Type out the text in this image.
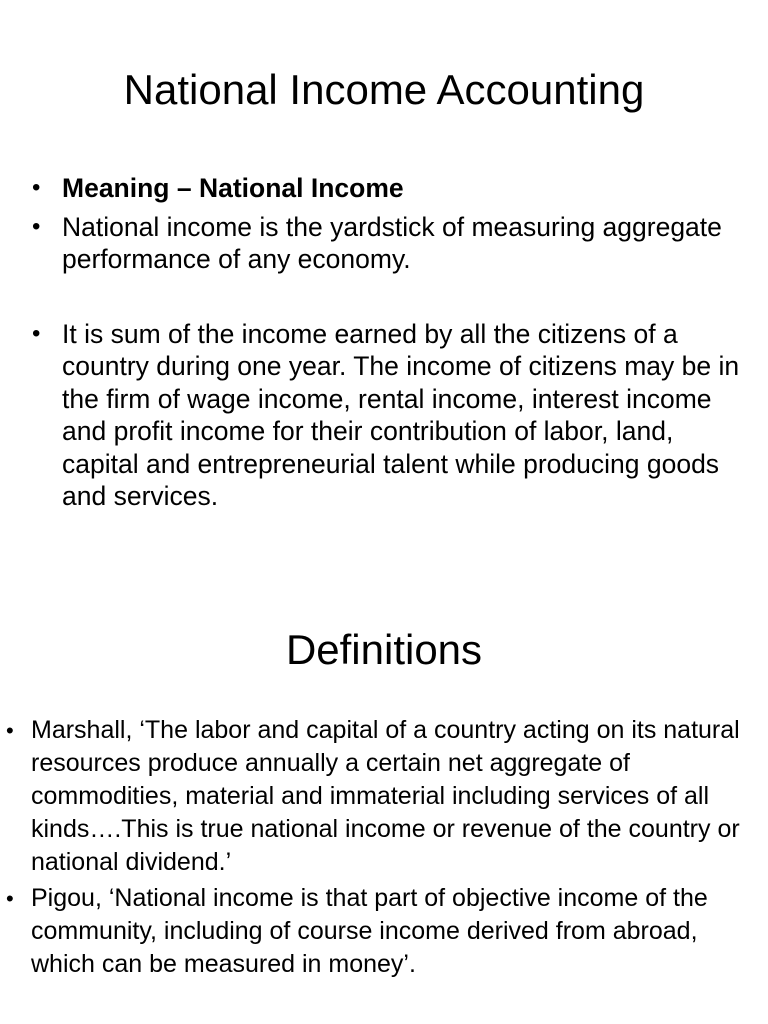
National Income Accounting
• Meaning – National Income
• National income is the yardstick of measuring aggregate performance of any economy.
• It is sum of the income earned by all the citizens of a country during one year. The income of citizens may be in the firm of wage income, rental income, interest income and profit income for their contribution of labor, land, capital and entrepreneurial talent while producing goods and services.
Definitions
• Marshall, ‘The labor and capital of a country acting on its natural resources produce annually a certain net aggregate of commodities, material and immaterial including services of all kinds….This is true national income or revenue of the country or national dividend.’
• Pigou, ‘National income is that part of objective income of the community, including of course income derived from abroad, which can be measured in money’.
